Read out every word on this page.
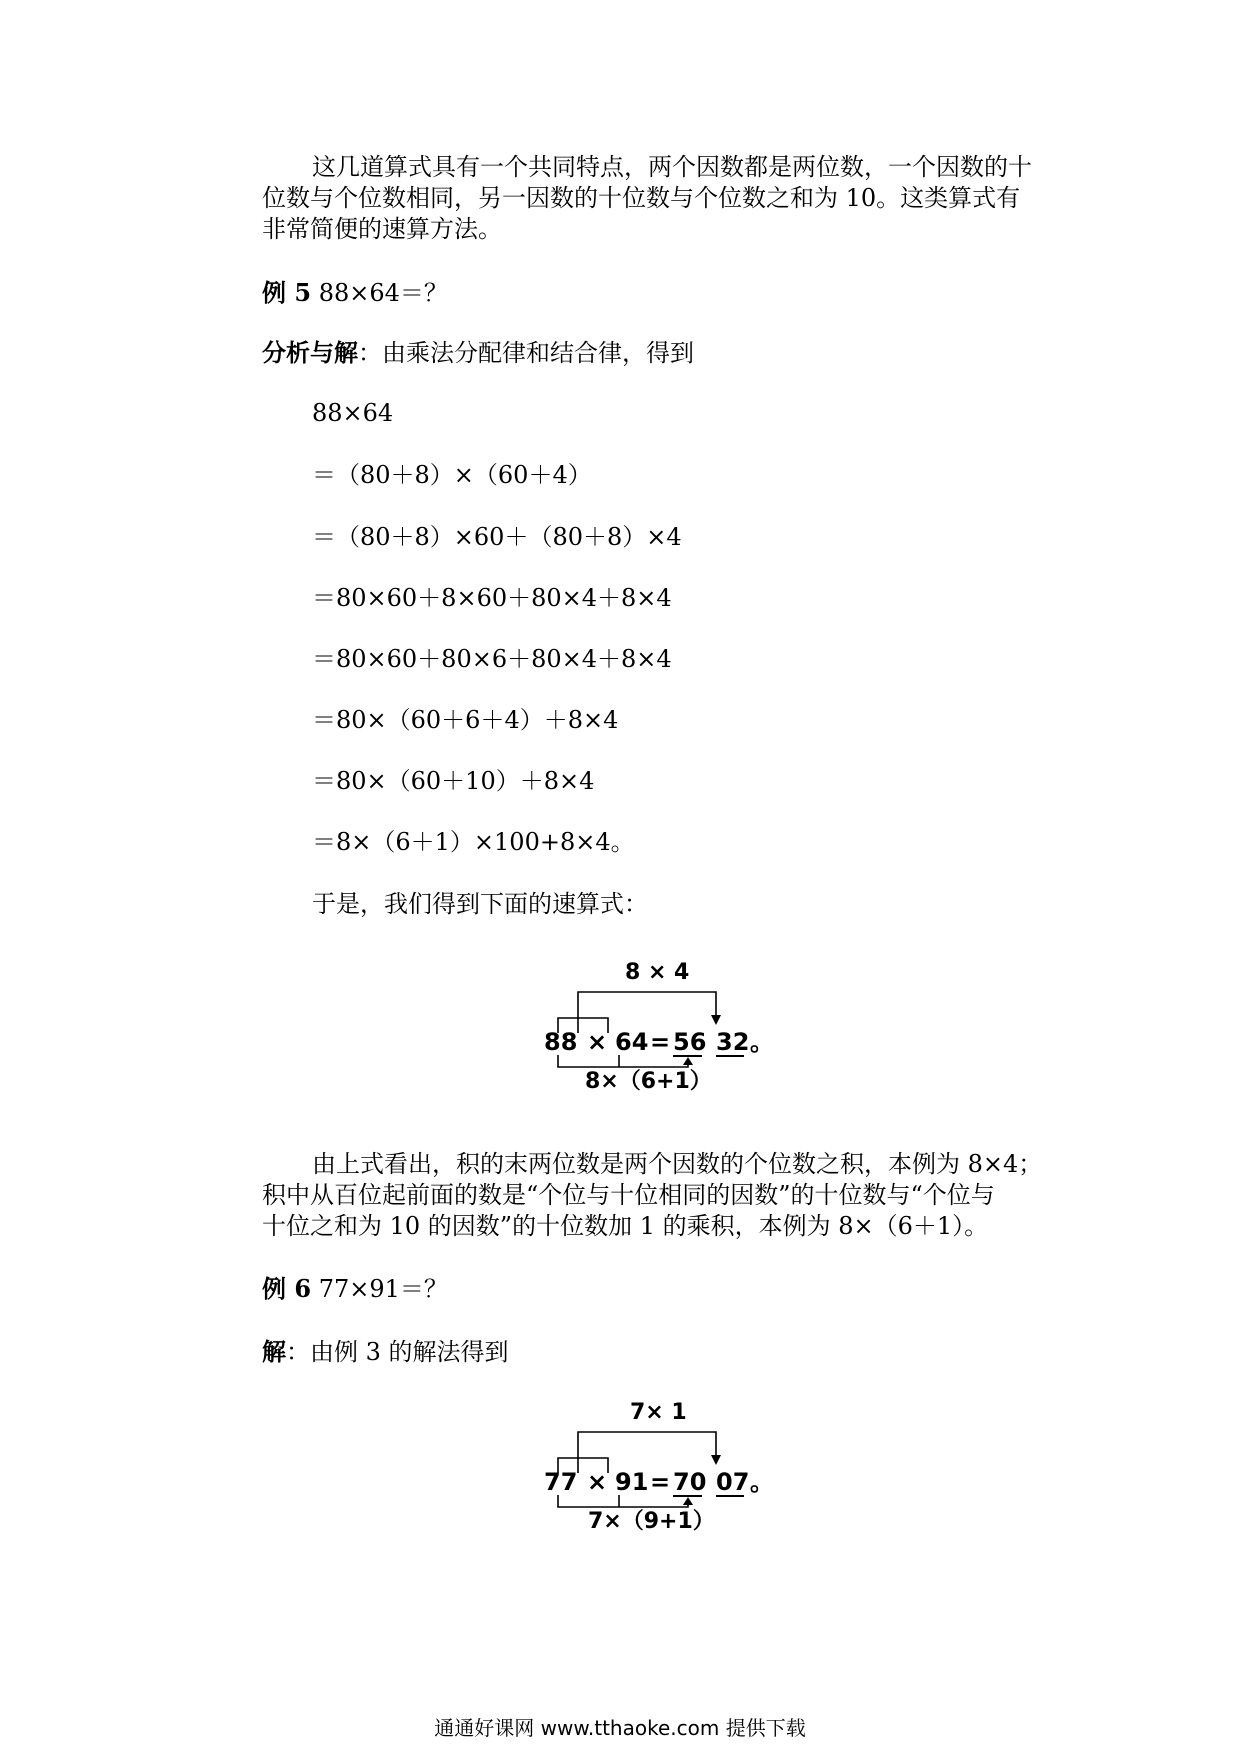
这几道算式具有一个共同特点，两个因数都是两位数，一个因数的十
位数与个位数相同，另一因数的十位数与个位数之和为 10。这类算式有
非常简便的速算方法。
例 5 88×64＝？
分析与解：由乘法分配律和结合律，得到
88×64
＝（80＋8）×（60＋4）
＝（80＋8）×60＋（80＋8）×4
＝80×60＋8×60＋80×4＋8×4
＝80×60＋80×6＋80×4＋8×4
＝80×（60＋6＋4）＋8×4
＝80×（60＋10）＋8×4
＝8×（6＋1）×100+8×4。
于是，我们得到下面的速算式：
8 × 4
88 × 64 = 56 32 。
8×（6+1）
由上式看出，积的末两位数是两个因数的个位数之积，本例为 8×4；
积中从百位起前面的数是“个位与十位相同的因数”的十位数与“个位与
十位之和为 10 的因数”的十位数加 1 的乘积，本例为 8×（6＋1）。
例 6 77×91＝？
解：由例 3 的解法得到
7× 1
77 × 91 = 70 07 。
7×（9+1）
通通好课网 www.tthaoke.com 提供下载
